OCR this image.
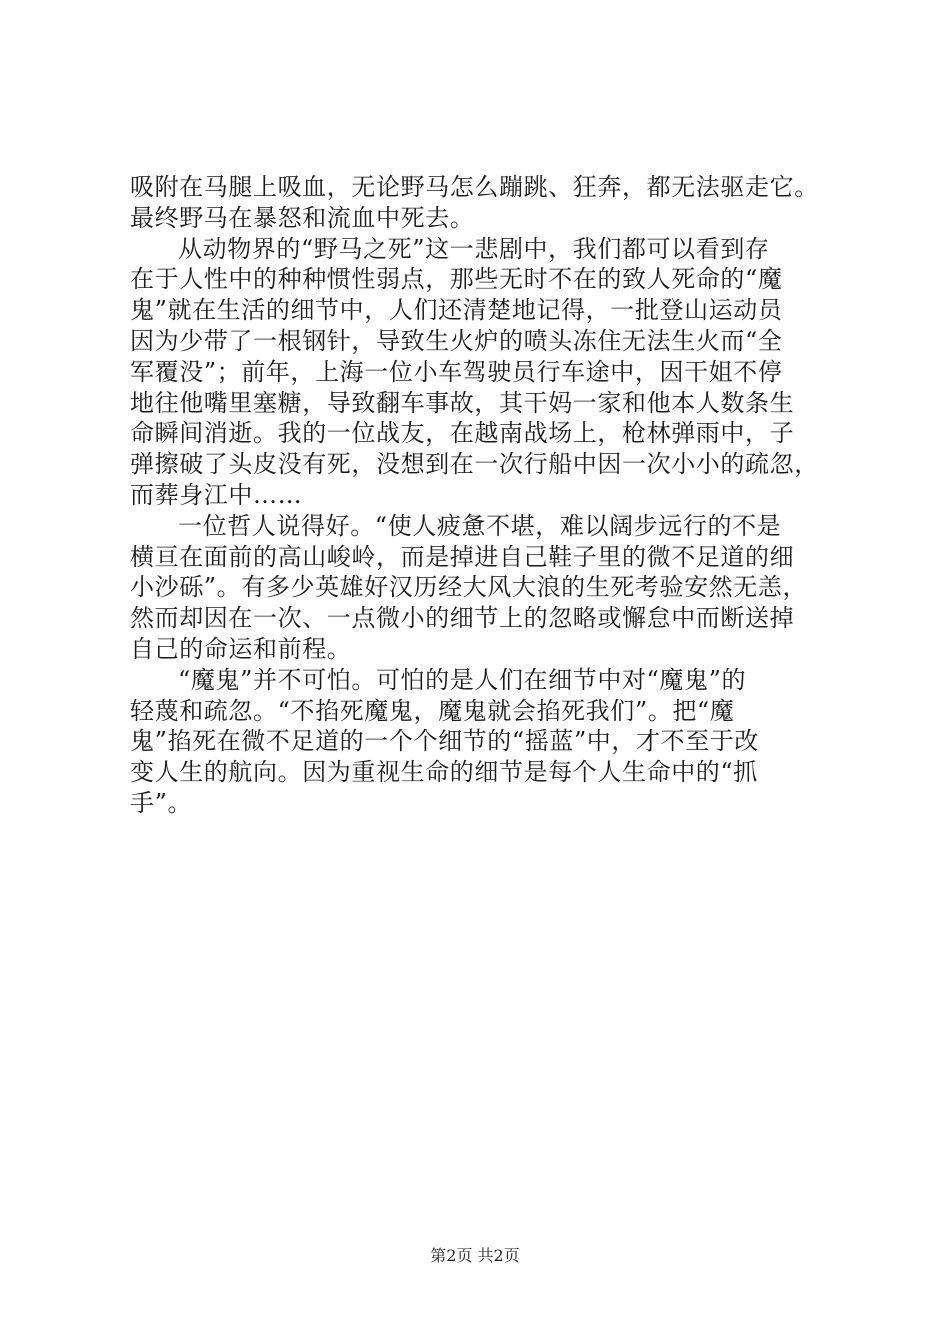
吸附在马腿上吸血，无论野马怎么蹦跳、狂奔，都无法驱走它。
最终野马在暴怒和流血中死去。
从动物界的“野马之死”这一悲剧中，我们都可以看到存
在于人性中的种种惯性弱点，那些无时不在的致人死命的“魔
鬼”就在生活的细节中，人们还清楚地记得，一批登山运动员
因为少带了一根钢针，导致生火炉的喷头冻住无法生火而“全
军覆没”；前年，上海一位小车驾驶员行车途中，因干姐不停
地往他嘴里塞糖，导致翻车事故，其干妈一家和他本人数条生
命瞬间消逝。我的一位战友，在越南战场上，枪林弹雨中，子
弹擦破了头皮没有死，没想到在一次行船中因一次小小的疏忽，
而葬身江中……
一位哲人说得好。“使人疲惫不堪，难以阔步远行的不是
横亘在面前的高山峻岭，而是掉进自己鞋子里的微不足道的细
小沙砾”。有多少英雄好汉历经大风大浪的生死考验安然无恙，
然而却因在一次、一点微小的细节上的忽略或懈怠中而断送掉
自己的命运和前程。
“魔鬼”并不可怕。可怕的是人们在细节中对“魔鬼”的
轻蔑和疏忽。“不掐死魔鬼，魔鬼就会掐死我们”。把“魔
鬼”掐死在微不足道的一个个细节的“摇蓝”中，才不至于改
变人生的航向。因为重视生命的细节是每个人生命中的“抓
手”。
第2页 共2页
